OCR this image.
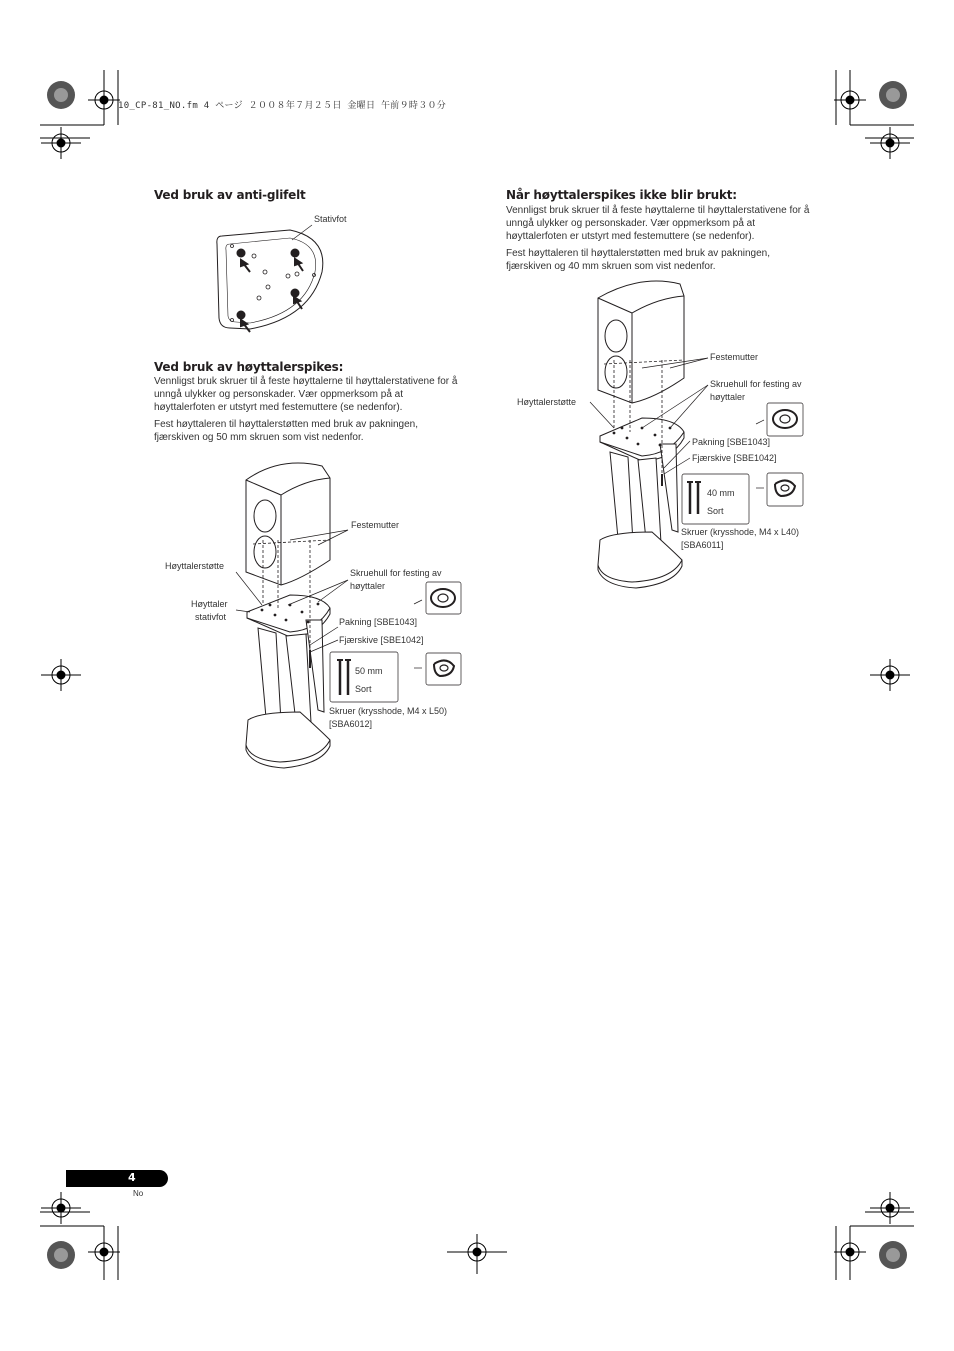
10_CP-81_NO.fm 4 ページ ２００８年７月２５日 金曜日 午前９時３０分
Ved bruk av anti-glifelt
Stativfot
Ved bruk av høyttalerspikes:

Vennligst bruk skruer til å feste høyttalerne til høyttalerstativene for å unngå ulykker og personskader. Vær oppmerksom på at høyttalerfoten er utstyrt med festemuttere (se nedenfor).

Fest høyttaleren til høyttalerstøtten med bruk av pakningen, fjærskiven og 50 mm skruen som vist nedenfor.

Festemutter
Høyttalerstøtte
Skruehull for festing av
høyttaler
Høyttaler
stativfot	Pakning [SBE1043]
Fjærskive [SBE1042]
50 mm
Sort
Skruer (krysshode, M4 x L50)
[SBA6012]
Når høyttalerspikes ikke blir brukt:

Vennligst bruk skruer til å feste høyttalerne til høyttalerstativene for å unngå ulykker og personskader. Vær oppmerksom på at høyttalerfoten er utstyrt med festemuttere (se nedenfor).

Fest høyttaleren til høyttalerstøtten med bruk av pakningen, fjærskiven og 40 mm skruen som vist nedenfor.

Festemutter
Skruehull for festing av
høyttaler
Høyttalerstøtte
Pakning [SBE1043]
Fjærskive [SBE1042]
40 mm
Sort
Skruer (krysshode, M4 x L40)
[SBA6011]
4
No
